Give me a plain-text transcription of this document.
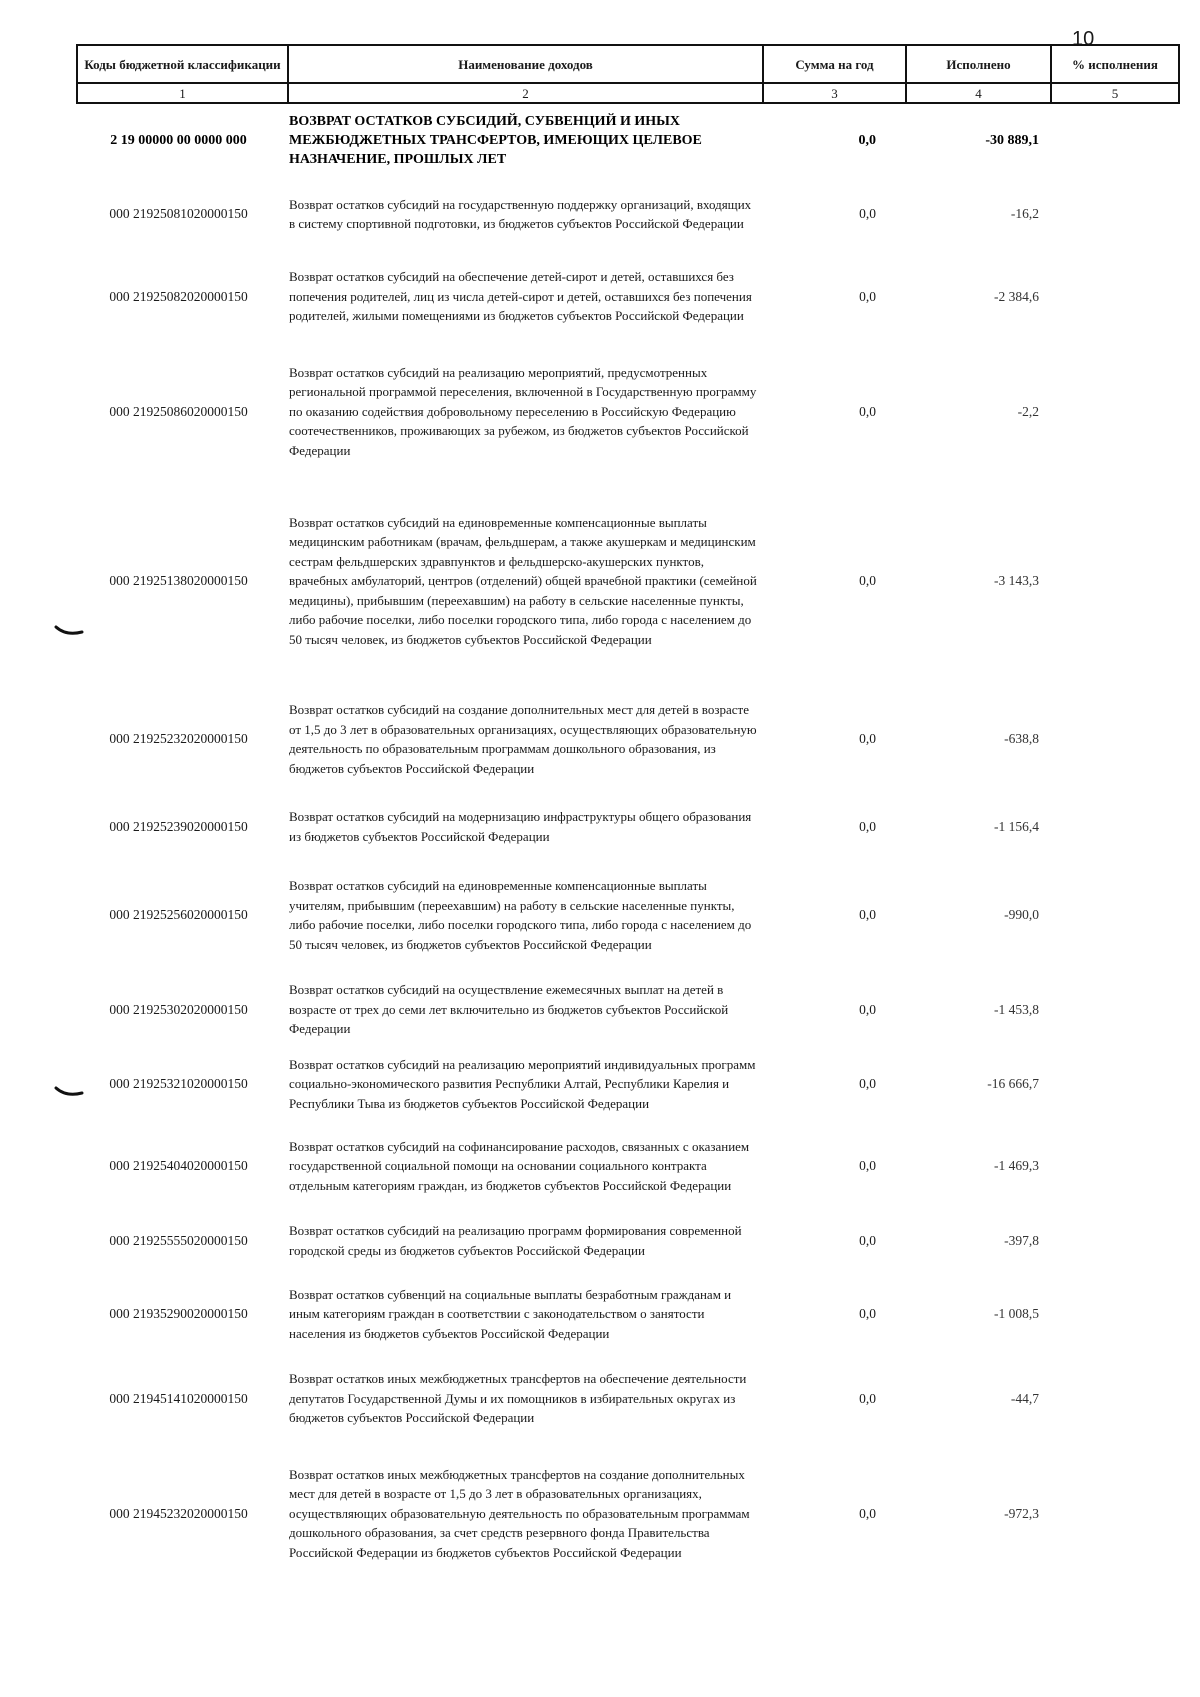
10
Коды бюджетной классификации	Наименование доходов	Сумма на год	Исполнено	% исполнения
1	2	3	4	5
2 19 00000 00 0000 000	ВОЗВРАТ ОСТАТКОВ СУБСИДИЙ, СУБВЕНЦИЙ И ИНЫХ МЕЖБЮДЖЕТНЫХ ТРАНСФЕРТОВ, ИМЕЮЩИХ ЦЕЛЕВОЕ НАЗНАЧЕНИЕ, ПРОШЛЫХ ЛЕТ	0,0	-30 889,1	
000 21925081020000150	Возврат остатков субсидий на государственную поддержку организаций, входящих в систему спортивной подготовки, из бюджетов субъектов Российской Федерации	0,0	-16,2	
000 21925082020000150	Возврат остатков субсидий на обеспечение детей-сирот и детей, оставшихся без попечения родителей, лиц из числа детей-сирот и детей, оставшихся без попечения родителей, жилыми помещениями из бюджетов субъектов Российской Федерации	0,0	-2 384,6	
000 21925086020000150	Возврат остатков субсидий на реализацию мероприятий, предусмотренных региональной программой переселения, включенной в Государственную программу по оказанию содействия добровольному переселению в Российскую Федерацию соотечественников, проживающих за рубежом, из бюджетов субъектов Российской Федерации	0,0	-2,2	
000 21925138020000150	Возврат остатков субсидий на единовременные компенсационные выплаты медицинским работникам (врачам, фельдшерам, а также акушеркам и медицинским сестрам фельдшерских здравпунктов и фельдшерско-акушерских пунктов, врачебных амбулаторий, центров (отделений) общей врачебной практики (семейной медицины), прибывшим (переехавшим) на работу в сельские населенные пункты, либо рабочие поселки, либо поселки городского типа, либо города с населением до 50 тысяч человек, из бюджетов субъектов Российской Федерации	0,0	-3 143,3	
000 21925232020000150	Возврат остатков субсидий на создание дополнительных мест для детей в возрасте от 1,5 до 3 лет в образовательных организациях, осуществляющих образовательную деятельность по образовательным программам дошкольного образования, из бюджетов субъектов Российской Федерации	0,0	-638,8	
000 21925239020000150	Возврат остатков субсидий на модернизацию инфраструктуры общего образования из бюджетов субъектов Российской Федерации	0,0	-1 156,4	
000 21925256020000150	Возврат остатков субсидий на единовременные компенсационные выплаты учителям, прибывшим (переехавшим) на работу в сельские населенные пункты, либо рабочие поселки, либо поселки городского типа, либо города с населением до 50 тысяч человек, из бюджетов субъектов Российской Федерации	0,0	-990,0	
000 21925302020000150	Возврат остатков субсидий на осуществление ежемесячных выплат на детей в возрасте от трех до семи лет включительно из бюджетов субъектов Российской Федерации	0,0	-1 453,8	
000 21925321020000150	Возврат остатков субсидий на реализацию мероприятий индивидуальных программ социально-экономического развития Республики Алтай, Республики Карелия и Республики Тыва из бюджетов субъектов Российской Федерации	0,0	-16 666,7	
000 21925404020000150	Возврат остатков субсидий на софинансирование расходов, связанных с оказанием государственной социальной помощи на основании социального контракта отдельным категориям граждан, из бюджетов субъектов Российской Федерации	0,0	-1 469,3	
000 21925555020000150	Возврат остатков субсидий на реализацию программ формирования современной городской среды из бюджетов субъектов Российской Федерации	0,0	-397,8	
000 21935290020000150	Возврат остатков субвенций на социальные выплаты безработным гражданам и иным категориям граждан в соответствии с законодательством о занятости населения из бюджетов субъектов Российской Федерации	0,0	-1 008,5	
000 21945141020000150	Возврат остатков иных межбюджетных трансфертов на обеспечение деятельности депутатов Государственной Думы и их помощников в избирательных округах из бюджетов субъектов Российской Федерации	0,0	-44,7	
000 21945232020000150	Возврат остатков иных межбюджетных трансфертов на создание дополнительных мест для детей в возрасте от 1,5 до 3 лет в образовательных организациях, осуществляющих образовательную деятельность по образовательным программам дошкольного образования, за счет средств резервного фонда Правительства Российской Федерации из бюджетов субъектов Российской Федерации	0,0	-972,3	
